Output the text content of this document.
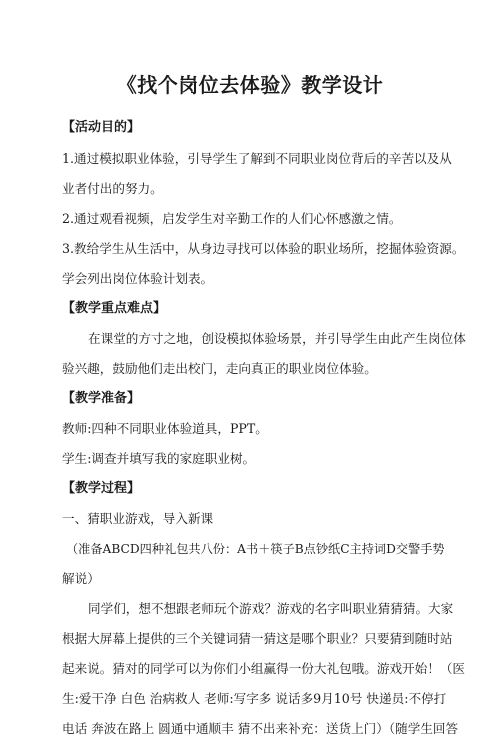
《找个岗位去体验》教学设计
【活动目的】
1.通过模拟职业体验，引导学生了解到不同职业岗位背后的辛苦以及从
业者付出的努力。
2.通过观看视频，启发学生对辛勤工作的人们心怀感激之情。
3.教给学生从生活中，从身边寻找可以体验的职业场所，挖掘体验资源。
学会列出岗位体验计划表。
【教学重点难点】
在课堂的方寸之地，创设模拟体验场景，并引导学生由此产生岗位体
验兴趣，鼓励他们走出校门，走向真正的职业岗位体验。
【教学准备】
教师:四种不同职业体验道具，PPT。
学生:调查并填写我的家庭职业树。
【教学过程】
一、猜职业游戏，导入新课
（准备ABCD四种礼包共八份：A书＋筷子B点钞纸C主持词D交警手势
解说）
同学们，想不想跟老师玩个游戏？游戏的名字叫职业猜猜猜。大家
根据大屏幕上提供的三个关键词猜一猜这是哪个职业？只要猜到随时站
起来说。猜对的同学可以为你们小组赢得一份大礼包哦。游戏开始！（医
生:爱干净 白色 治病救人 老师:写字多 说话多9月10号 快递员:不停打
电话 奔波在路上 圆通中通顺丰 猜不出来补充：送货上门）（随学生回答
